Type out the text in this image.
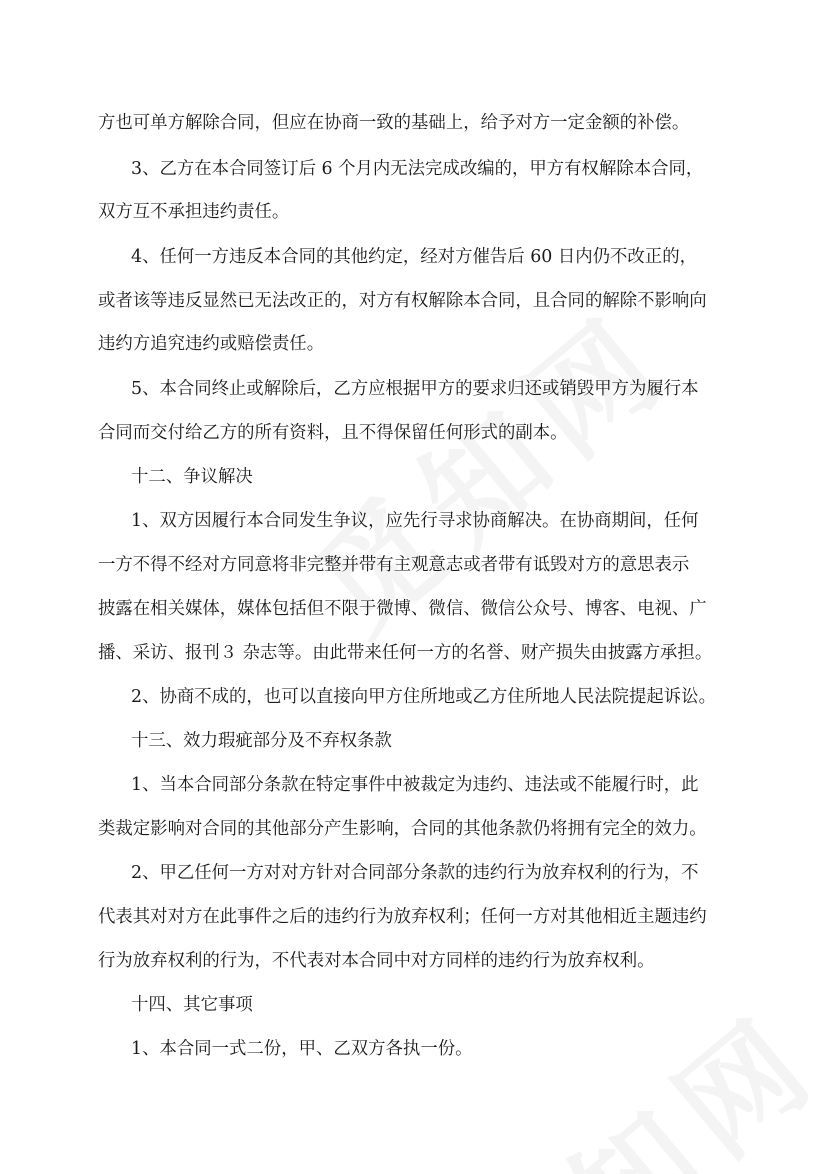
方也可单方解除合同，但应在协商一致的基础上，给予对方一定金额的补偿。

3、乙方在本合同签订后 6 个月内无法完成改编的，甲方有权解除本合同，

双方互不承担违约责任。

4、任何一方违反本合同的其他约定，经对方催告后 60 日内仍不改正的，

或者该等违反显然已无法改正的，对方有权解除本合同，且合同的解除不影响向

违约方追究违约或赔偿责任。

5、本合同终止或解除后，乙方应根据甲方的要求归还或销毁甲方为履行本

合同而交付给乙方的所有资料，且不得保留任何形式的副本。

十二、争议解决

1、双方因履行本合同发生争议，应先行寻求协商解决。在协商期间，任何

一方不得不经对方同意将非完整并带有主观意志或者带有诋毁对方的意思表示

披露在相关媒体，媒体包括但不限于微博、微信、微信公众号、博客、电视、广

播、采访、报刊３ 杂志等。由此带来任何一方的名誉、财产损失由披露方承担。

2、协商不成的，也可以直接向甲方住所地或乙方住所地人民法院提起诉讼。

十三、效力瑕疵部分及不弃权条款

1、当本合同部分条款在特定事件中被裁定为违约、违法或不能履行时，此

类裁定影响对合同的其他部分产生影响，合同的其他条款仍将拥有完全的效力。

2、甲乙任何一方对对方针对合同部分条款的违约行为放弃权利的行为，不

代表其对对方在此事件之后的违约行为放弃权利；任何一方对其他相近主题违约

行为放弃权利的行为，不代表对本合同中对方同样的违约行为放弃权利。

十四、其它事项

1、本合同一式二份，甲、乙双方各执一份。
